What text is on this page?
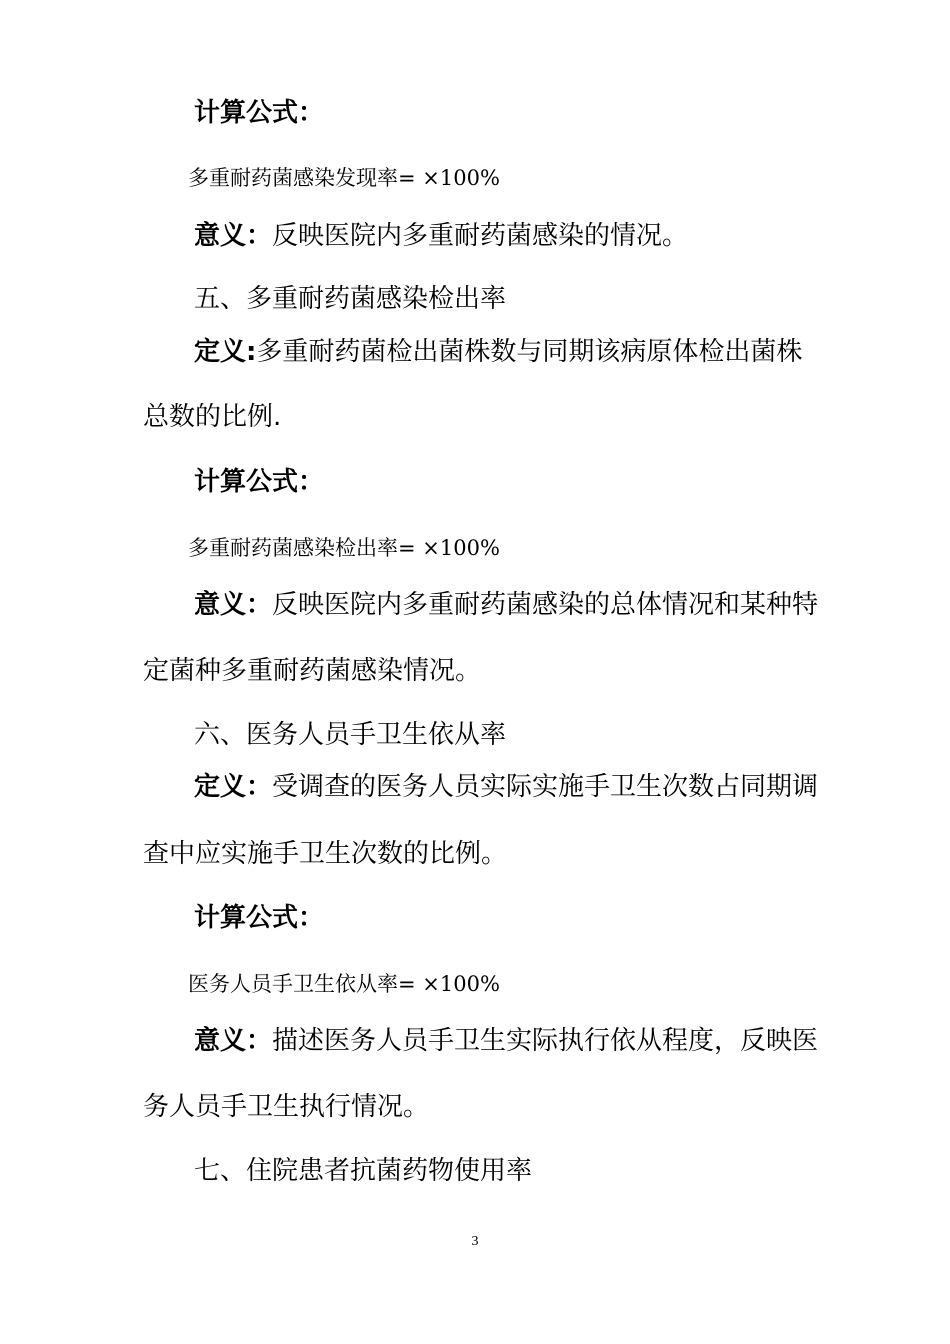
计算公式：
多重耐药菌感染发现率= ×100%
意义：反映医院内多重耐药菌感染的情况。
五、多重耐药菌感染检出率
定义:多重耐药菌检出菌株数与同期该病原体检出菌株
总数的比例.
计算公式：
多重耐药菌感染检出率= ×100%
意义：反映医院内多重耐药菌感染的总体情况和某种特
定菌种多重耐药菌感染情况。
六、医务人员手卫生依从率
定义：受调查的医务人员实际实施手卫生次数占同期调
查中应实施手卫生次数的比例。
计算公式：
医务人员手卫生依从率= ×100%
意义：描述医务人员手卫生实际执行依从程度，反映医
务人员手卫生执行情况。
七、住院患者抗菌药物使用率
3
